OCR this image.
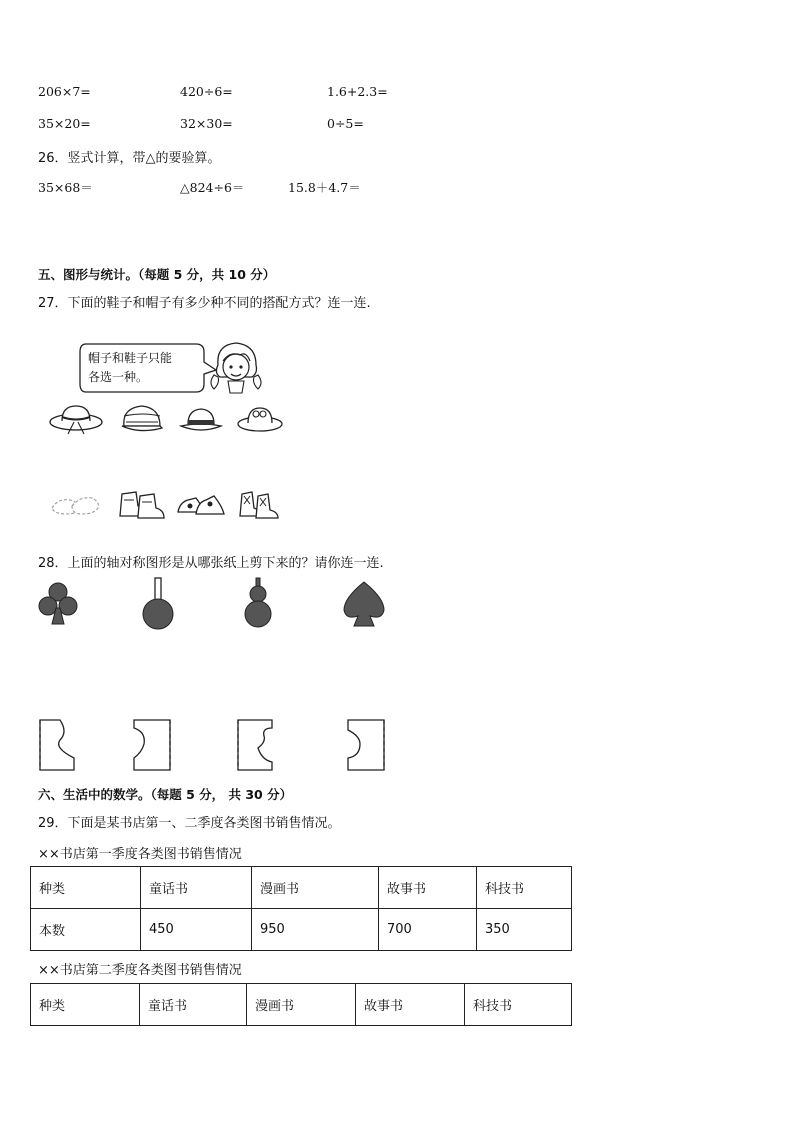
206×7=	420÷6=	1.6+2.3=
35×20=	32×30=	0÷5=
26．竖式计算，带△的要验算。
35×68＝	△824÷6＝	15.8＋4.7＝
五、图形与统计。（每题 5 分，共 10 分）
27．下面的鞋子和帽子有多少种不同的搭配方式？连一连.
帽子和鞋子只能
各选一种。
28．上面的轴对称图形是从哪张纸上剪下来的？请你连一连.
六、生活中的数学。（每题 5 分， 共 30 分）
29．下面是某书店第一、二季度各类图书销售情况。
××书店第一季度各类图书销售情况
种类	童话书	漫画书	故事书	科技书
本数	450	950	700	350
××书店第二季度各类图书销售情况
种类	童话书	漫画书	故事书	科技书
